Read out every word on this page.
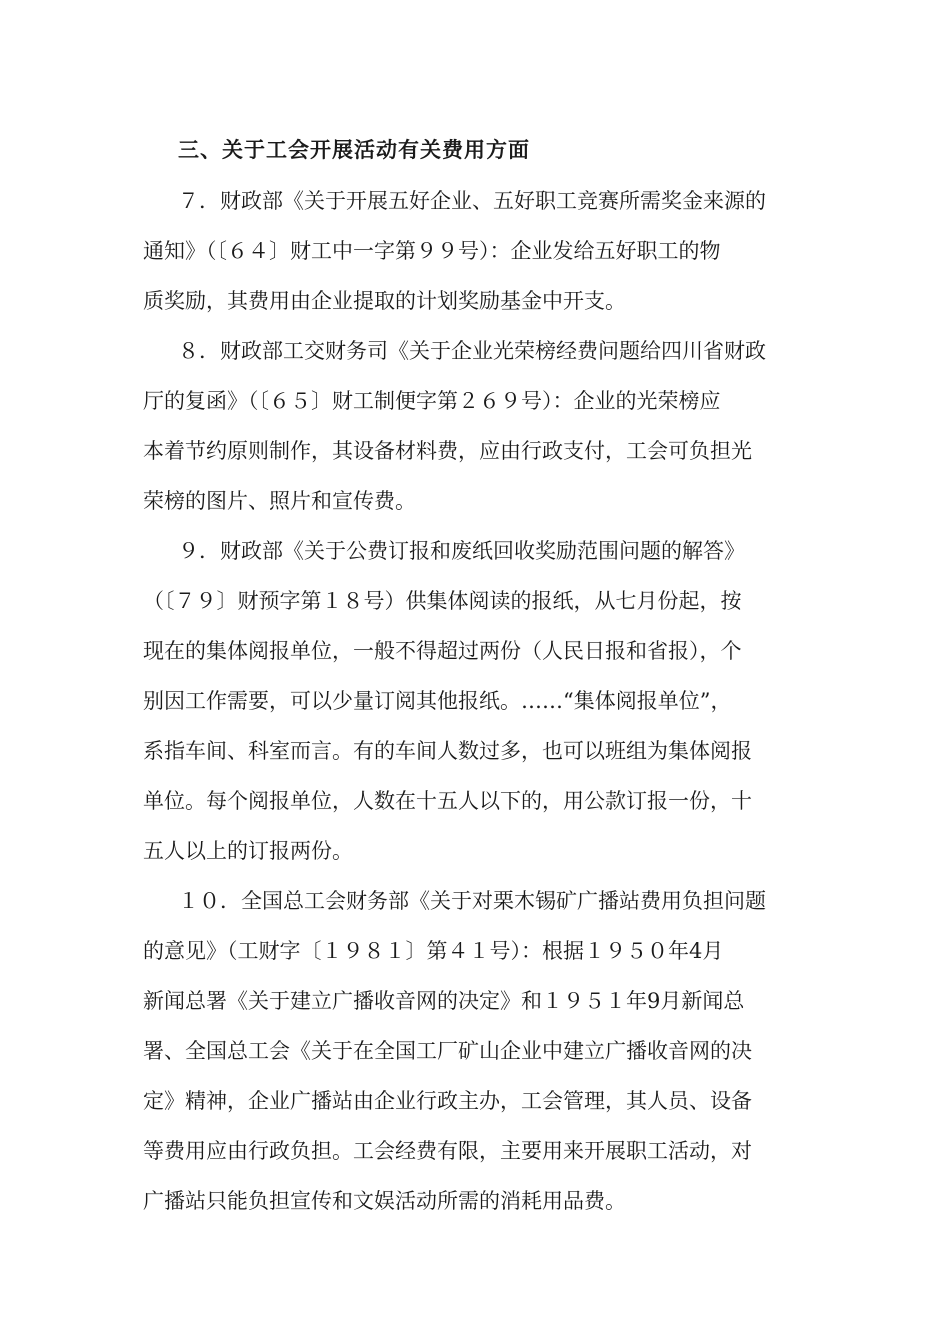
三、关于工会开展活动有关费用方面
７．财政部《关于开展五好企业、五好职工竞赛所需奖金来源的
通知》（〔６４〕财工中一字第９９号）：企业发给五好职工的物
质奖励，其费用由企业提取的计划奖励基金中开支。
８．财政部工交财务司《关于企业光荣榜经费问题给四川省财政
厅的复函》（〔６５〕财工制便字第２６９号）：企业的光荣榜应
本着节约原则制作，其设备材料费，应由行政支付，工会可负担光
荣榜的图片、照片和宣传费。
９．财政部《关于公费订报和废纸回收奖励范围问题的解答》
（〔７９〕财预字第１８号）供集体阅读的报纸，从七月份起，按
现在的集体阅报单位，一般不得超过两份（人民日报和省报），个
别因工作需要，可以少量订阅其他报纸。……“集体阅报单位”，
系指车间、科室而言。有的车间人数过多，也可以班组为集体阅报
单位。每个阅报单位，人数在十五人以下的，用公款订报一份，十
五人以上的订报两份。
１０．全国总工会财务部《关于对栗木锡矿广播站费用负担问题
的意见》（工财字〔１９８１〕第４１号）：根据１９５０年4月
新闻总署《关于建立广播收音网的决定》和１９５１年9月新闻总
署、全国总工会《关于在全国工厂矿山企业中建立广播收音网的决
定》精神，企业广播站由企业行政主办，工会管理，其人员、设备
等费用应由行政负担。工会经费有限，主要用来开展职工活动，对
广播站只能负担宣传和文娱活动所需的消耗用品费。
